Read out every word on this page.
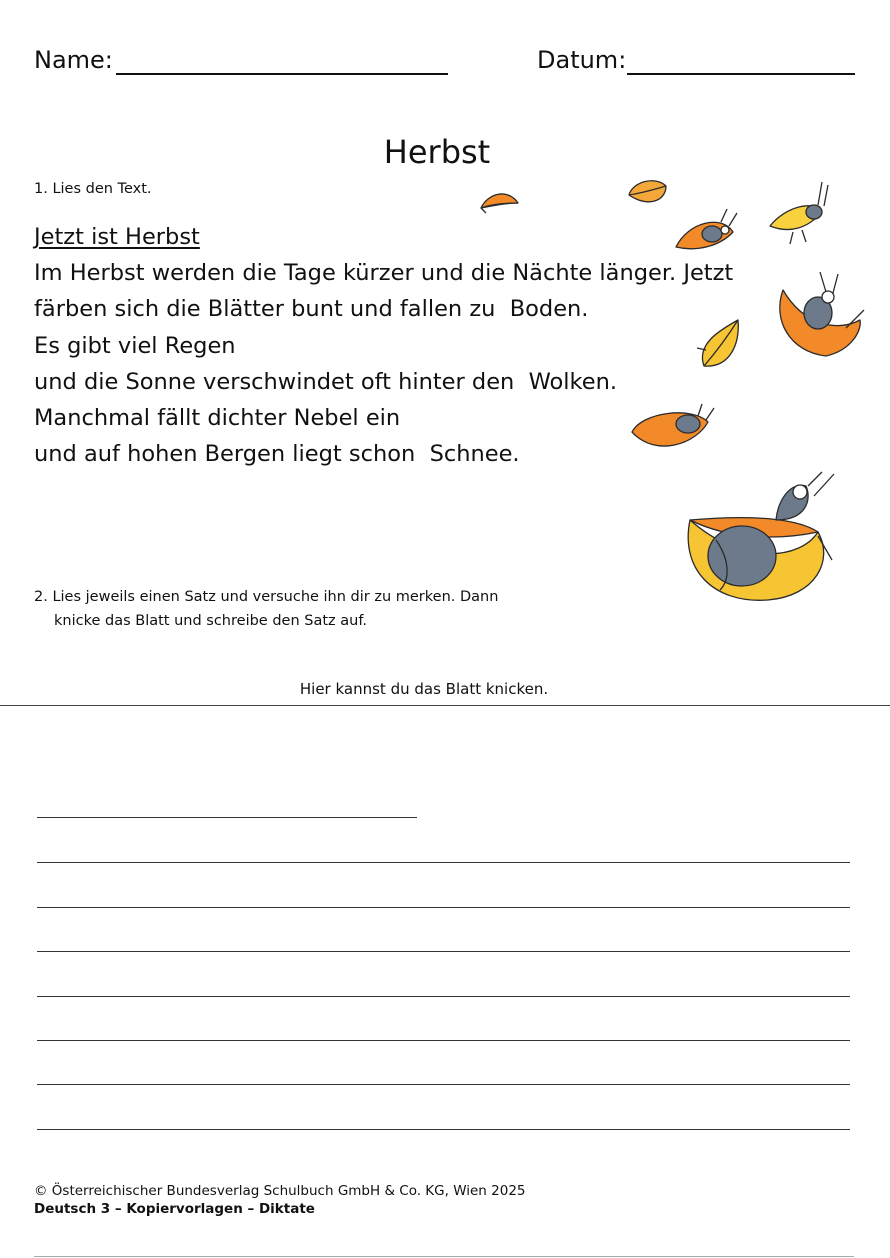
Name:	Datum:
Herbst
1. Lies den Text.
Jetzt ist Herbst
Im Herbst werden die Tage kürzer und die Nächte länger. Jetzt
färben sich die Blätter bunt und fallen zu  Boden.
Es gibt viel Regen
und die Sonne verschwindet oft hinter den  Wolken.
Manchmal fällt dichter Nebel ein
und auf hohen Bergen liegt schon  Schnee.
2. Lies jeweils einen Satz und versuche ihn dir zu merken. Dann
knicke das Blatt und schreibe den Satz auf.
Hier kannst du das Blatt knicken.
© Österreichischer Bundesverlag Schulbuch GmbH & Co. KG, Wien 2025
Deutsch 3 – Kopiervorlagen – Diktate
